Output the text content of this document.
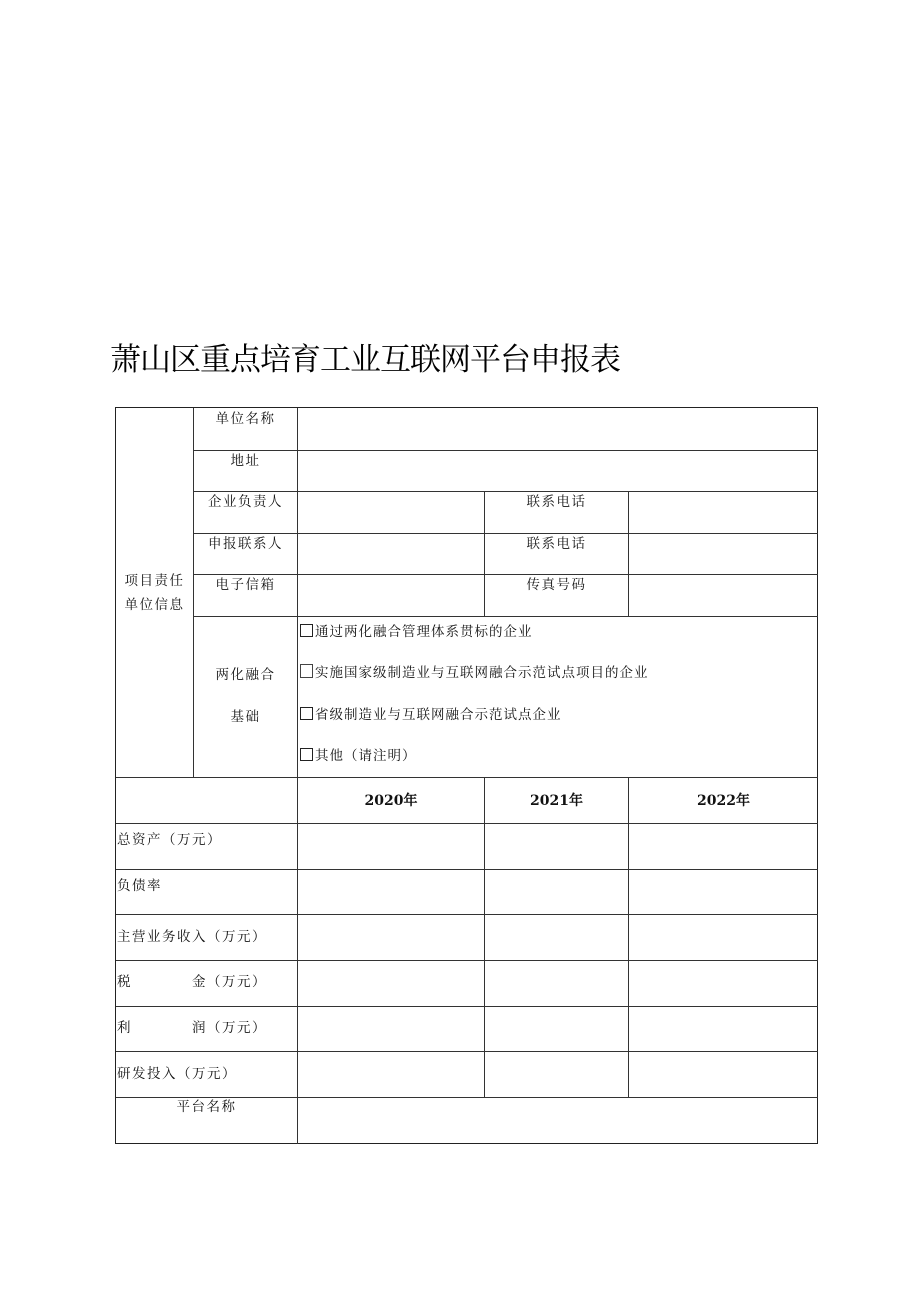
萧山区重点培育工业互联网平台申报表
项目责任
单位信息
单位名称
地址
企业负责人	联系电话
申报联系人	联系电话
电子信箱	传真号码
两化融合
基础
通过两化融合管理体系贯标的企业
实施国家级制造业与互联网融合示范试点项目的企业
省级制造业与互联网融合示范试点企业
其他（请注明）
2020年	2021年	2022年
总资产（万元）
负债率
主营业务收入（万元）
税　　　　金（万元）
利　　　　润（万元）
研发投入（万元）
平台名称
